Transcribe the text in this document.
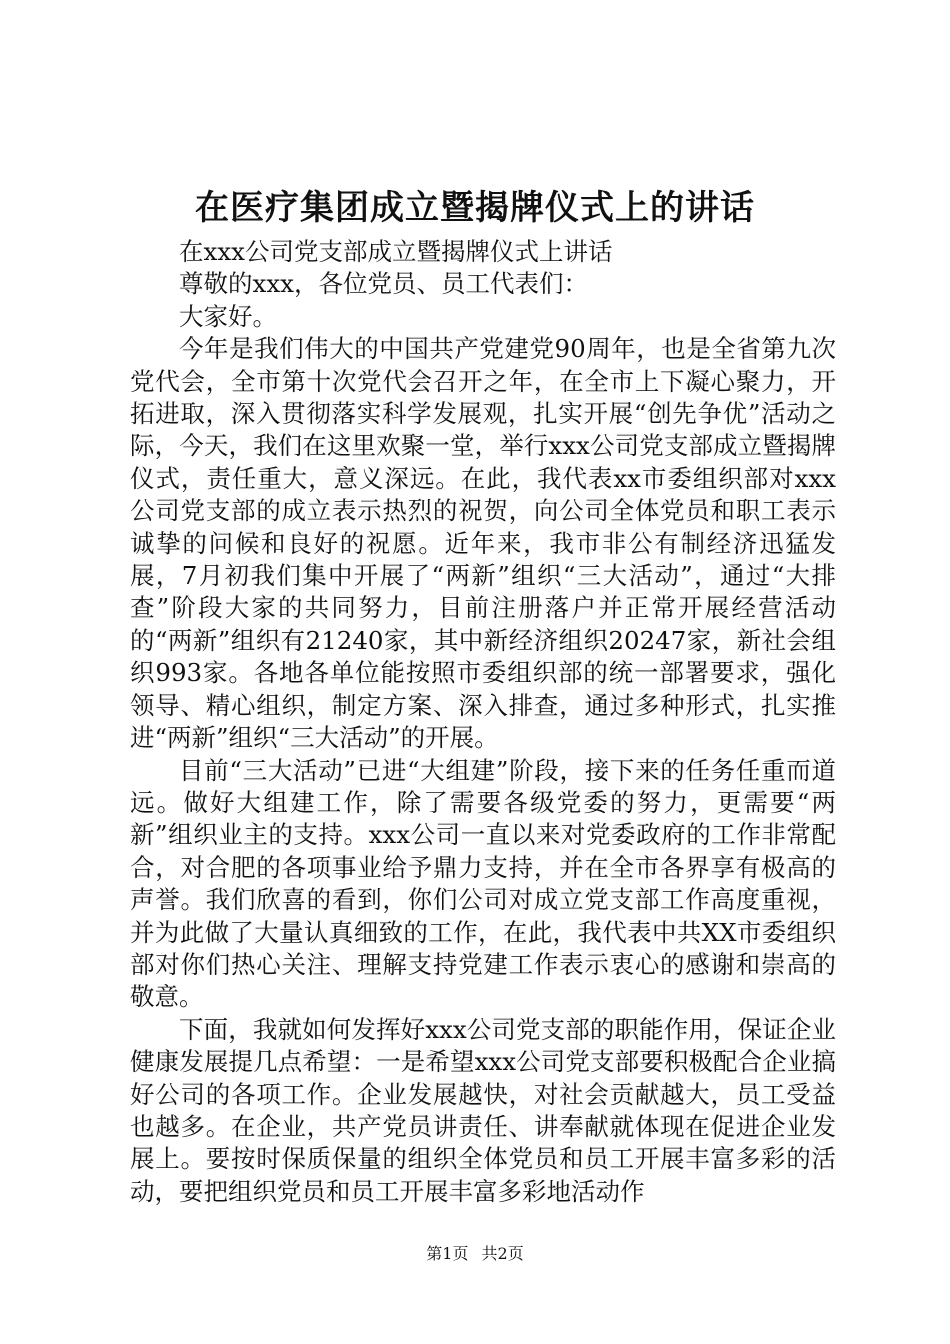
在医疗集团成立暨揭牌仪式上的讲话

在xxx公司党支部成立暨揭牌仪式上讲话

尊敬的xxx，各位党员、员工代表们：

大家好。

今年是我们伟大的中国共产党建党90周年，也是全省第九次党代会，全市第十次党代会召开之年，在全市上下凝心聚力，开拓进取，深入贯彻落实科学发展观，扎实开展“创先争优”活动之际，今天，我们在这里欢聚一堂，举行xxx公司党支部成立暨揭牌仪式，责任重大，意义深远。在此，我代表xx市委组织部对xxx公司党支部的成立表示热烈的祝贺，向公司全体党员和职工表示诚挚的问候和良好的祝愿。近年来，我市非公有制经济迅猛发展，7月初我们集中开展了“两新”组织“三大活动”，通过“大排查”阶段大家的共同努力，目前注册落户并正常开展经营活动的“两新”组织有21240家，其中新经济组织20247家，新社会组织993家。各地各单位能按照市委组织部的统一部署要求，强化领导、精心组织，制定方案、深入排查，通过多种形式，扎实推进“两新”组织“三大活动”的开展。

目前“三大活动”已进“大组建”阶段，接下来的任务任重而道远。做好大组建工作，除了需要各级党委的努力，更需要“两新”组织业主的支持。xxx公司一直以来对党委政府的工作非常配合，对合肥的各项事业给予鼎力支持，并在全市各界享有极高的声誉。我们欣喜的看到，你们公司对成立党支部工作高度重视，并为此做了大量认真细致的工作，在此，我代表中共XX市委组织部对你们热心关注、理解支持党建工作表示衷心的感谢和崇高的敬意。

下面，我就如何发挥好xxx公司党支部的职能作用，保证企业健康发展提几点希望：一是希望xxx公司党支部要积极配合企业搞好公司的各项工作。企业发展越快，对社会贡献越大，员工受益也越多。在企业，共产党员讲责任、讲奉献就体现在促进企业发展上。要按时保质保量的组织全体党员和员工开展丰富多彩的活动，要把组织党员和员工开展丰富多彩地活动作

第1页 共2页
